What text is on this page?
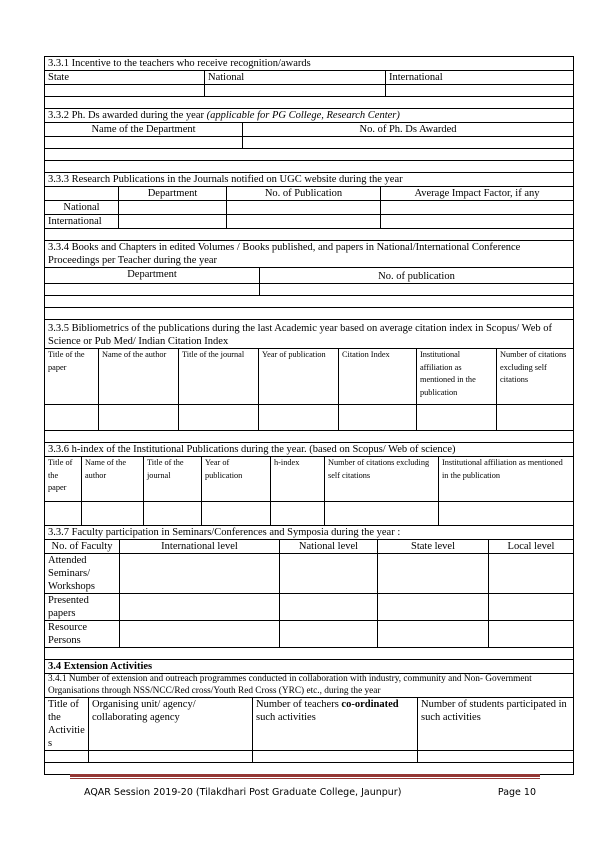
3.3.1 Incentive to the teachers who receive recognition/awards		
State	National	International

3.3.2 Ph. Ds awarded during the year (applicable for PG College, Research Center)		
Name of the Department	No. of Ph. Ds Awarded

3.3.3 Research Publications in the Journals notified on UGC website during the year	
	Department	No. of Publication	Average Impact Factor, if any
National			
International			

3.3.4 Books and Chapters in edited Volumes / Books published, and papers in National/International Conference Proceedings per Teacher during the year			
Department	No. of publication

3.3.5 Bibliometrics of the publications during the last Academic year based on average citation index in Scopus/ Web of Science or Pub Med/ Indian Citation Index	
Title of the paper	Name of the author	Title of the journal	Year of publication	Citation Index	Institutional affiliation as mentioned in the publication	Number of citations excluding self citations

3.3.6 h-index of the Institutional Publications during the year. (based on Scopus/ Web of science)						
Title of the paper	Name of the author	Title of the journal	Year of publication	h-index	Number of citations excluding self citations	Institutional affiliation as mentioned in the publication

3.3.7 Faculty participation in Seminars/Conferences and Symposia during the year :						
No. of Faculty	International level	National level	State level	Local level
Attended Seminars/ Workshops				
Presented papers				
Resource Persons				

3.4 Extension Activities				
3.4.1 Number of extension and outreach programmes conducted in collaboration with industry, community and Non- Government Organisations through NSS/NCC/Red cross/Youth Red Cross (YRC) etc., during the year				
Title of the Activitie s	Organising unit/ agency/ collaborating agency	Number of teachers co-ordinated such activities	Number of students participated in such activities

AQAR Session 2019-20 (Tilakdhari Post Graduate College, Jaunpur)	Page 10
